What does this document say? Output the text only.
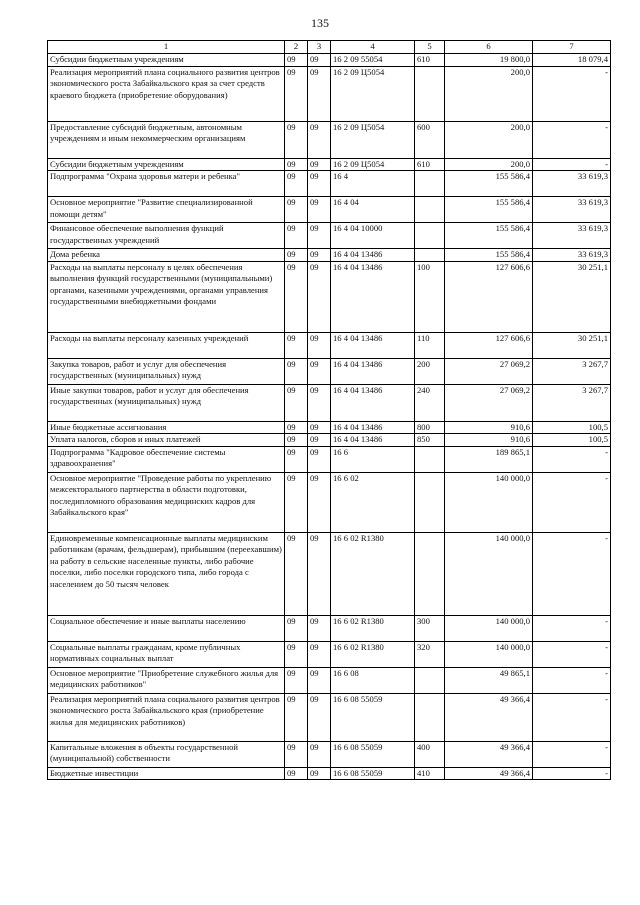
135
1	2	3	4	5	6	7
Субсидии бюджетным учреждениям	09	09	16 2 09 55054	610	19 800,0	18 079,4
Реализация мероприятий плана социального развития центров экономического роста Забайкальского края за счет средств краевого бюджета (приобретение оборудования)	09	09	16 2 09 Ц5054		200,0	-
Предоставление субсидий бюджетным, автономным учреждениям и иным некоммерческим организациям	09	09	16 2 09 Ц5054	600	200,0	-
Субсидии бюджетным учреждениям	09	09	16 2 09 Ц5054	610	200,0	-
Подпрограмма "Охрана здоровья матери и ребенка"	09	09	16 4		155 586,4	33 619,3
Основное мероприятие "Развитие специализированной помощи детям"	09	09	16 4 04		155 586,4	33 619,3
Финансовое обеспечение выполнения функций государственных учреждений	09	09	16 4 04 10000		155 586,4	33 619,3
Дома ребенка	09	09	16 4 04 13486		155 586,4	33 619,3
Расходы на выплаты персоналу в целях обеспечения выполнения функций государственными (муниципальными) органами, казенными учреждениями, органами управления государственными внебюджетными фондами	09	09	16 4 04 13486	100	127 606,6	30 251,1
Расходы на выплаты персоналу казенных учреждений	09	09	16 4 04 13486	110	127 606,6	30 251,1
Закупка товаров, работ и услуг для обеспечения государственных (муниципальных) нужд	09	09	16 4 04 13486	200	27 069,2	3 267,7
Иные закупки товаров, работ и услуг для обеспечения государственных (муниципальных) нужд	09	09	16 4 04 13486	240	27 069,2	3 267,7
Иные бюджетные ассигнования	09	09	16 4 04 13486	800	910,6	100,5
Уплата налогов, сборов и иных платежей	09	09	16 4 04 13486	850	910,6	100,5
Подпрограмма "Кадровое обеспечение системы здравоохранения"	09	09	16 6		189 865,1	-
Основное мероприятие "Проведение работы по укреплению межсекторального партнерства в области подготовки, последипломного образования медицинских кадров для Забайкальского края"	09	09	16 6 02		140 000,0	-
Единовременные компенсационные выплаты медицинским работникам (врачам, фельдшерам), прибывшим (переехавшим) на работу в сельские населенные пункты, либо рабочие поселки, либо поселки городского типа, либо города с населением до 50 тысяч человек	09	09	16 6 02 R1380		140 000,0	-
Социальное обеспечение и иные выплаты населению	09	09	16 6 02 R1380	300	140 000,0	-
Социальные выплаты гражданам, кроме публичных нормативных социальных выплат	09	09	16 6 02 R1380	320	140 000,0	-
Основное мероприятие "Приобретение служебного жилья для медицинских работников"	09	09	16 6 08		49 865,1	-
Реализация мероприятий плана социального развития центров экономического роста Забайкальского края (приобретение жилья для медицинских работников)	09	09	16 6 08 55059		49 366,4	-
Капитальные вложения в объекты государственной (муниципальной) собственности	09	09	16 6 08 55059	400	49 366,4	-
Бюджетные инвестиции	09	09	16 6 08 55059	410	49 366,4	-
